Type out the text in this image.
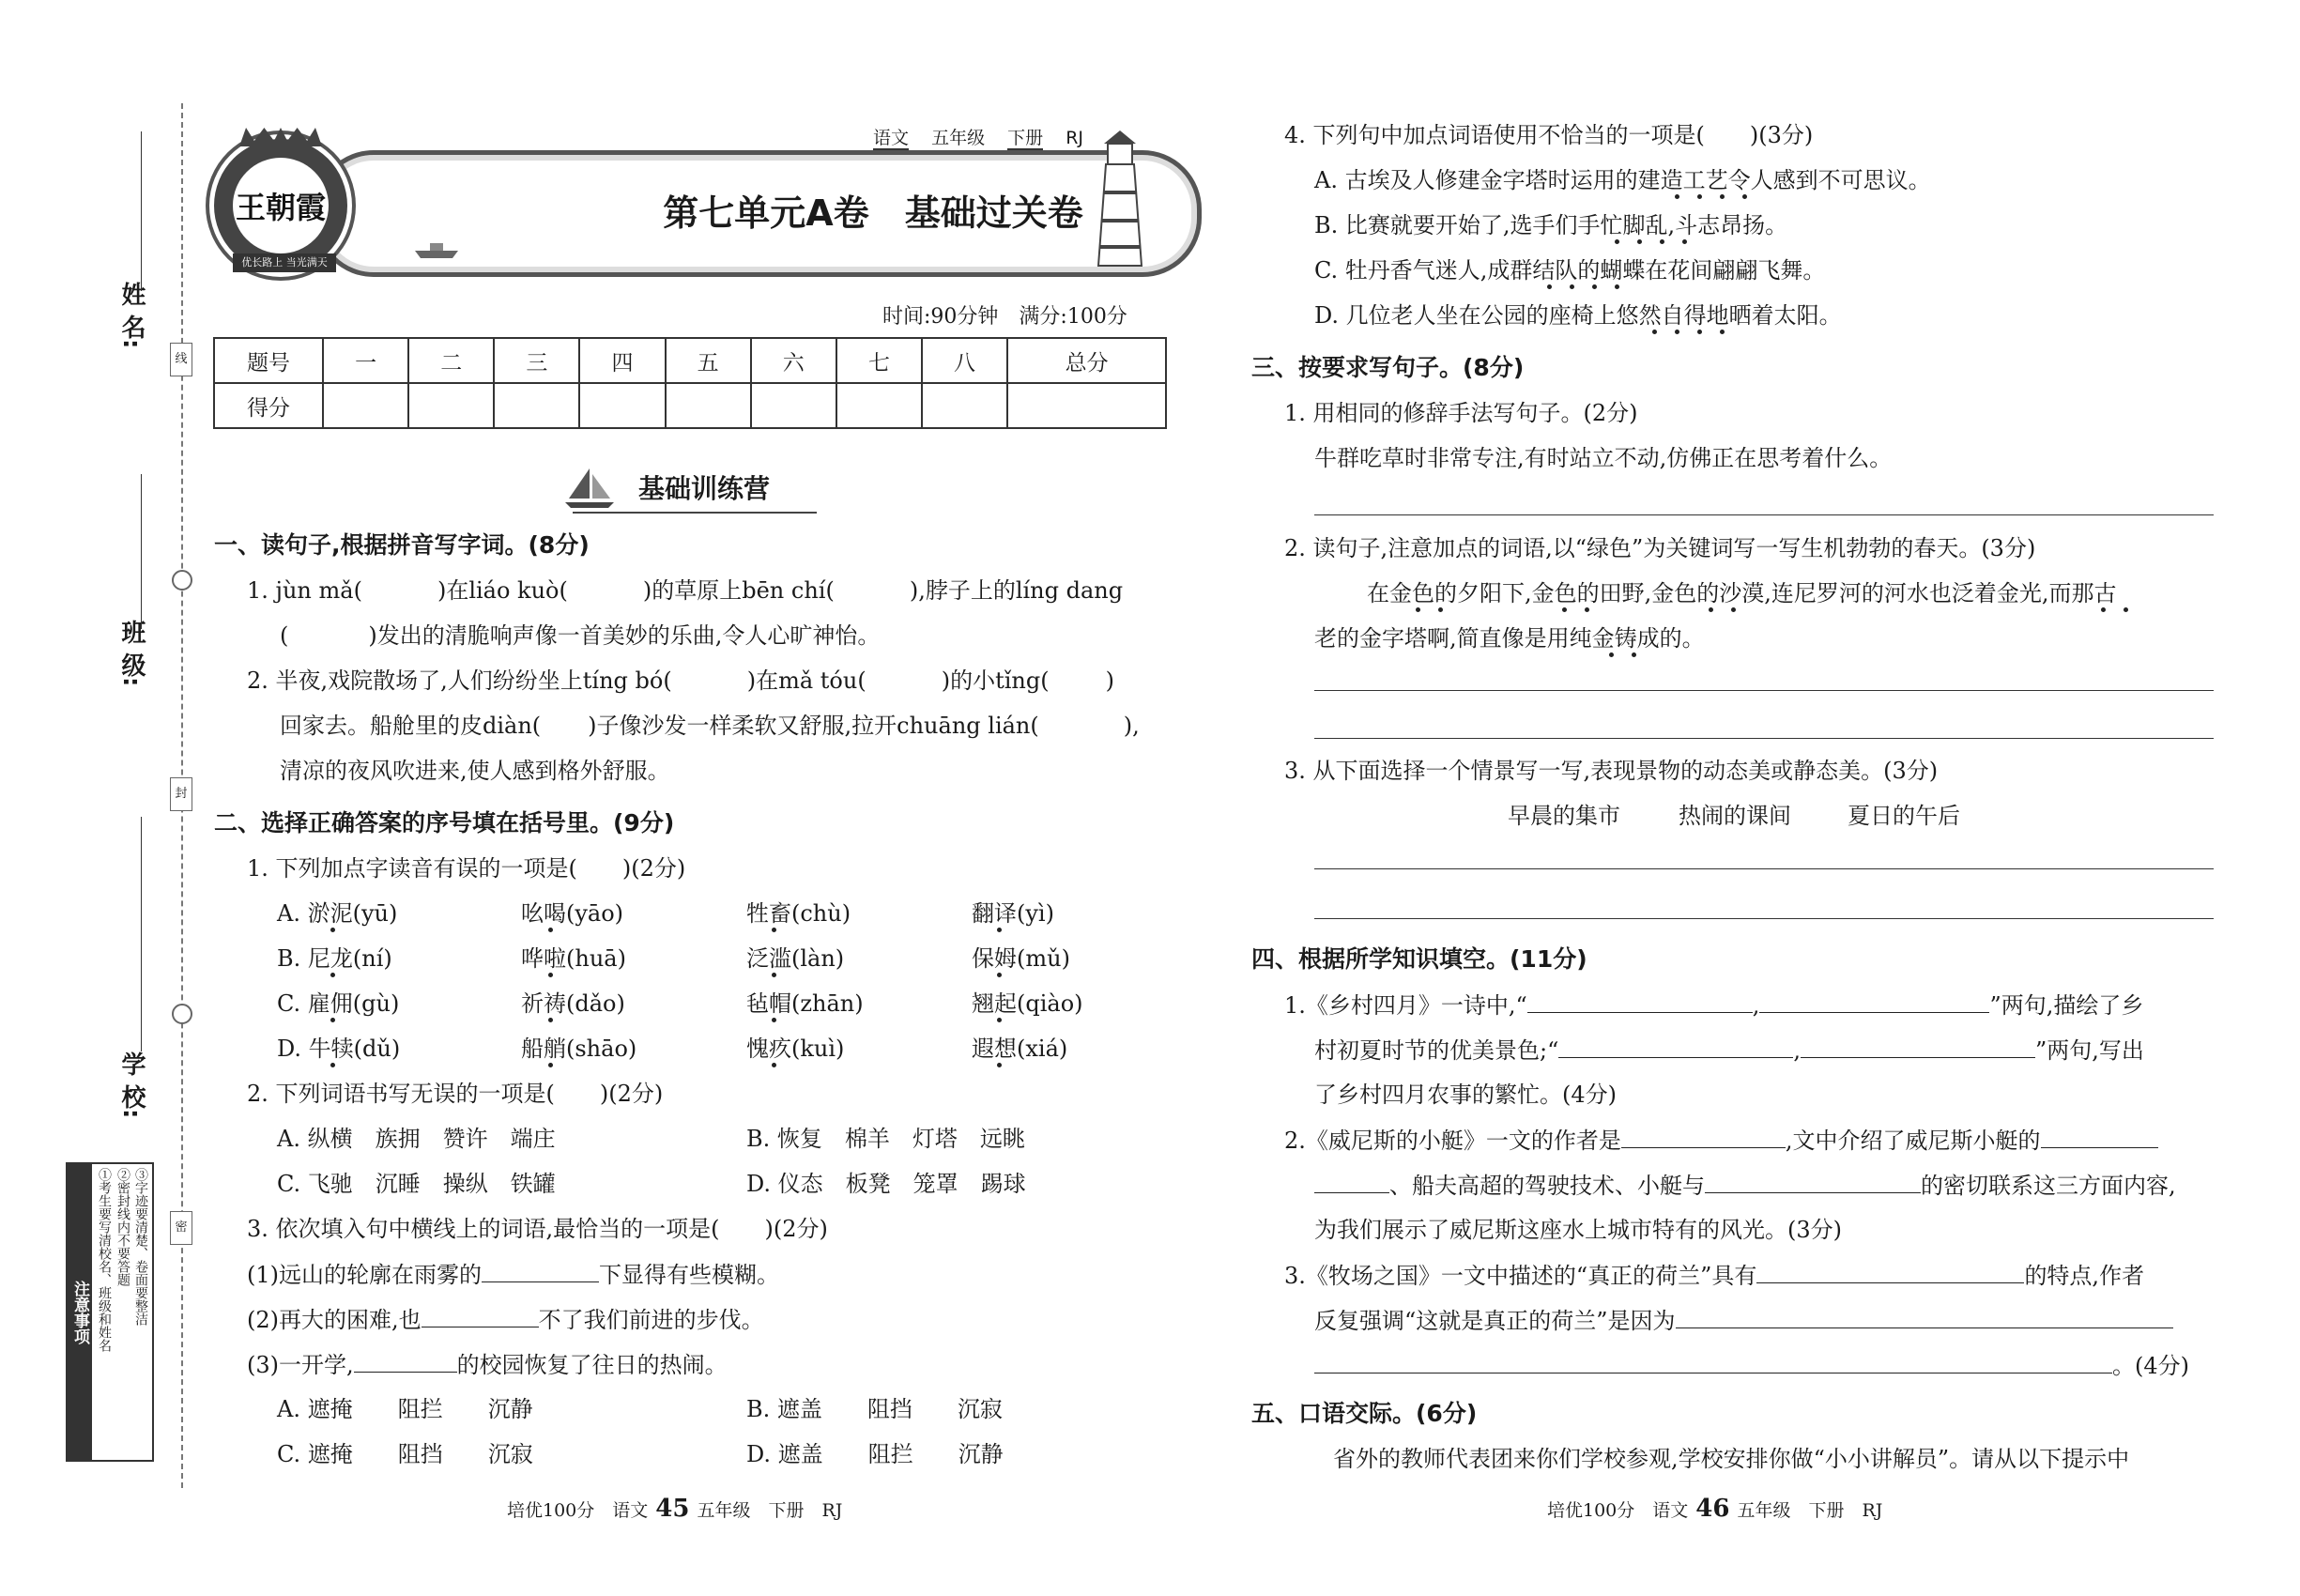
线
封
密
姓 名:
班 级:
学 校:
注意事项 ①考生要写清校名、班级和姓名 ②密封线内不要答题 ③字迹要清楚、卷面要整洁
王朝霞
优长路上 当光满天
语文 五年级 下册 RJ
第七单元A卷　基础过关卷
时间:90分钟　满分:100分
题号	一	二	三	四	五	六	七	八	总分
得分									
基础训练营
一、读句子,根据拼音写字词。(8分)
1. jùn mǎ(	)在liáo kuò(	)的草原上bēn chí(	),脖子上的líng dang
(	)发出的清脆响声像一首美妙的乐曲,令人心旷神怡。
2. 半夜,戏院散场了,人们纷纷坐上tíng bó(	)在mǎ tóu(	)的小tǐng(	)
回家去。船舱里的皮diàn( )子像沙发一样柔软又舒服,拉开chuāng lián(	),
清凉的夜风吹进来,使人感到格外舒服。
二、选择正确答案的序号填在括号里。(9分)
1. 下列加点字读音有误的一项是(　　)(2分)
A. 淤泥(yū)	吆喝(yāo)	牲畜(chù)	翻译(yì)
B. 尼龙(ní)	哗啦(huā)	泛滥(làn)	保姆(mǔ)
C. 雇佣(gù)	祈祷(dǎo)	毡帽(zhān)	翘起(qiào)
D. 牛犊(dǔ)	船艄(shāo)	愧疚(kuì)	遐想(xiá)
2. 下列词语书写无误的一项是(　　)(2分)
A. 纵横　族拥　赞许　端庄	B. 恢复　棉羊　灯塔　远眺
C. 飞驰　沉睡　操纵　铁罐	D. 仪态　板凳　笼罩　踢球
3. 依次填入句中横线上的词语,最恰当的一项是(　　)(2分)
(1)远山的轮廓在雨雾的	下显得有些模糊。
(2)再大的困难,也	不了我们前进的步伐。
(3)一开学,	的校园恢复了往日的热闹。
A. 遮掩　　阻拦　　沉静	B. 遮盖　　阻挡　　沉寂
C. 遮掩　　阻挡　　沉寂	D. 遮盖　　阻拦　　沉静
培优100分　语文 45 五年级　下册　RJ
4. 下列句中加点词语使用不恰当的一项是(　　)(3分)
A. 古埃及人修建金字塔时运用的建造工艺令人感到不可思议。
B. 比赛就要开始了,选手们手忙脚乱,斗志昂扬。
C. 牡丹香气迷人,成群结队的蝴蝶在花间翩翩飞舞。
D. 几位老人坐在公园的座椅上悠然自得地晒着太阳。
三、按要求写句子。(8分)
1. 用相同的修辞手法写句子。(2分)
牛群吃草时非常专注,有时站立不动,仿佛正在思考着什么。
2. 读句子,注意加点的词语,以“绿色”为关键词写一写生机勃勃的春天。(3分)
在金色的夕阳下,金色的田野,金色的沙漠,连尼罗河的河水也泛着金光,而那古
老的金字塔啊,简直像是用纯金铸成的。
3. 从下面选择一个情景写一写,表现景物的动态美或静态美。(3分)
早晨的集市	热闹的课间	夏日的午后
四、根据所学知识填空。(11分)
1.《乡村四月》一诗中,“	,	”两句,描绘了乡
村初夏时节的优美景色;“	,	”两句,写出
了乡村四月农事的繁忙。(4分)
2.《威尼斯的小艇》一文的作者是	,文中介绍了威尼斯小艇的
、船夫高超的驾驶技术、小艇与	的密切联系这三方面内容,
为我们展示了威尼斯这座水上城市特有的风光。(3分)
3.《牧场之国》一文中描述的“真正的荷兰”具有	的特点,作者
反复强调“这就是真正的荷兰”是因为
。(4分)
五、口语交际。(6分)
省外的教师代表团来你们学校参观,学校安排你做“小小讲解员”。请从以下提示中
培优100分　语文 46 五年级　下册　RJ
